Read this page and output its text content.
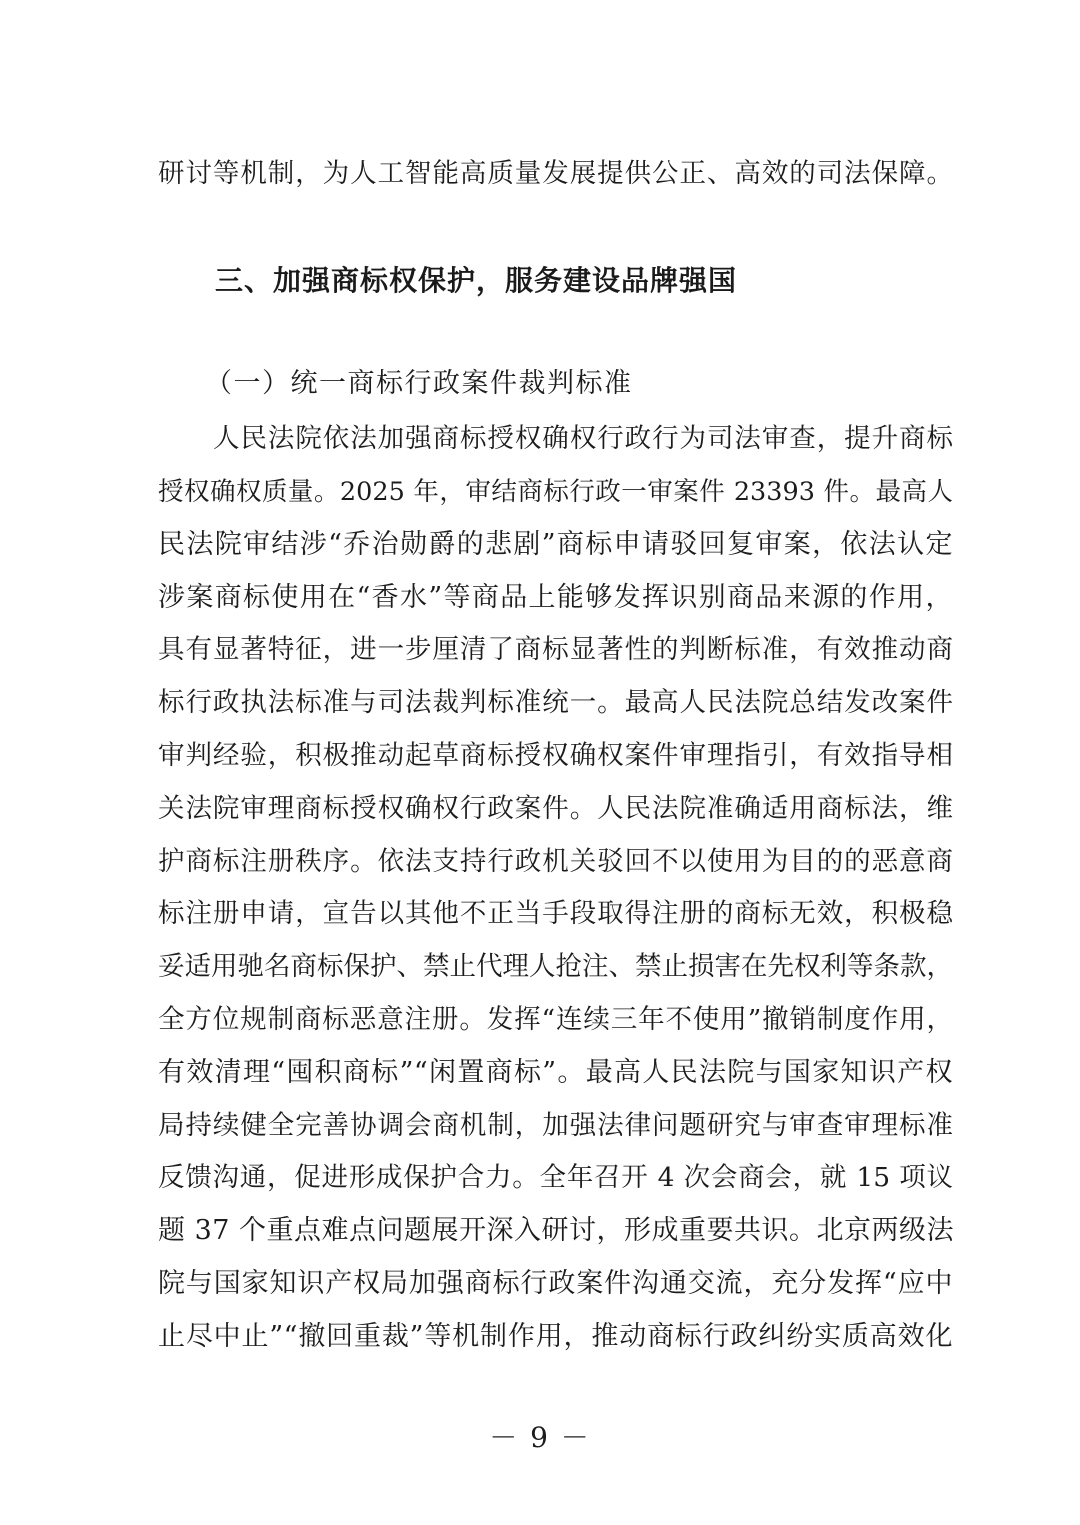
研讨等机制，为人工智能高质量发展提供公正、高效的司法保障。
三、加强商标权保护，服务建设品牌强国
（一）统一商标行政案件裁判标准
人民法院依法加强商标授权确权行政行为司法审查，提升商标
授权确权质量。2025 年，审结商标行政一审案件 23393 件。最高人
民法院审结涉“乔治勋爵的悲剧”商标申请驳回复审案，依法认定
涉案商标使用在“香水”等商品上能够发挥识别商品来源的作用，
具有显著特征，进一步厘清了商标显著性的判断标准，有效推动商
标行政执法标准与司法裁判标准统一。最高人民法院总结发改案件
审判经验，积极推动起草商标授权确权案件审理指引，有效指导相
关法院审理商标授权确权行政案件。人民法院准确适用商标法，维
护商标注册秩序。依法支持行政机关驳回不以使用为目的的恶意商
标注册申请，宣告以其他不正当手段取得注册的商标无效，积极稳
妥适用驰名商标保护、禁止代理人抢注、禁止损害在先权利等条款，
全方位规制商标恶意注册。发挥“连续三年不使用”撤销制度作用，
有效清理“囤积商标”“闲置商标”。最高人民法院与国家知识产权
局持续健全完善协调会商机制，加强法律问题研究与审查审理标准
反馈沟通，促进形成保护合力。全年召开 4 次会商会，就 15 项议
题 37 个重点难点问题展开深入研讨，形成重要共识。北京两级法
院与国家知识产权局加强商标行政案件沟通交流，充分发挥“应中
止尽中止”“撤回重裁”等机制作用，推动商标行政纠纷实质高效化
－ 9 －
